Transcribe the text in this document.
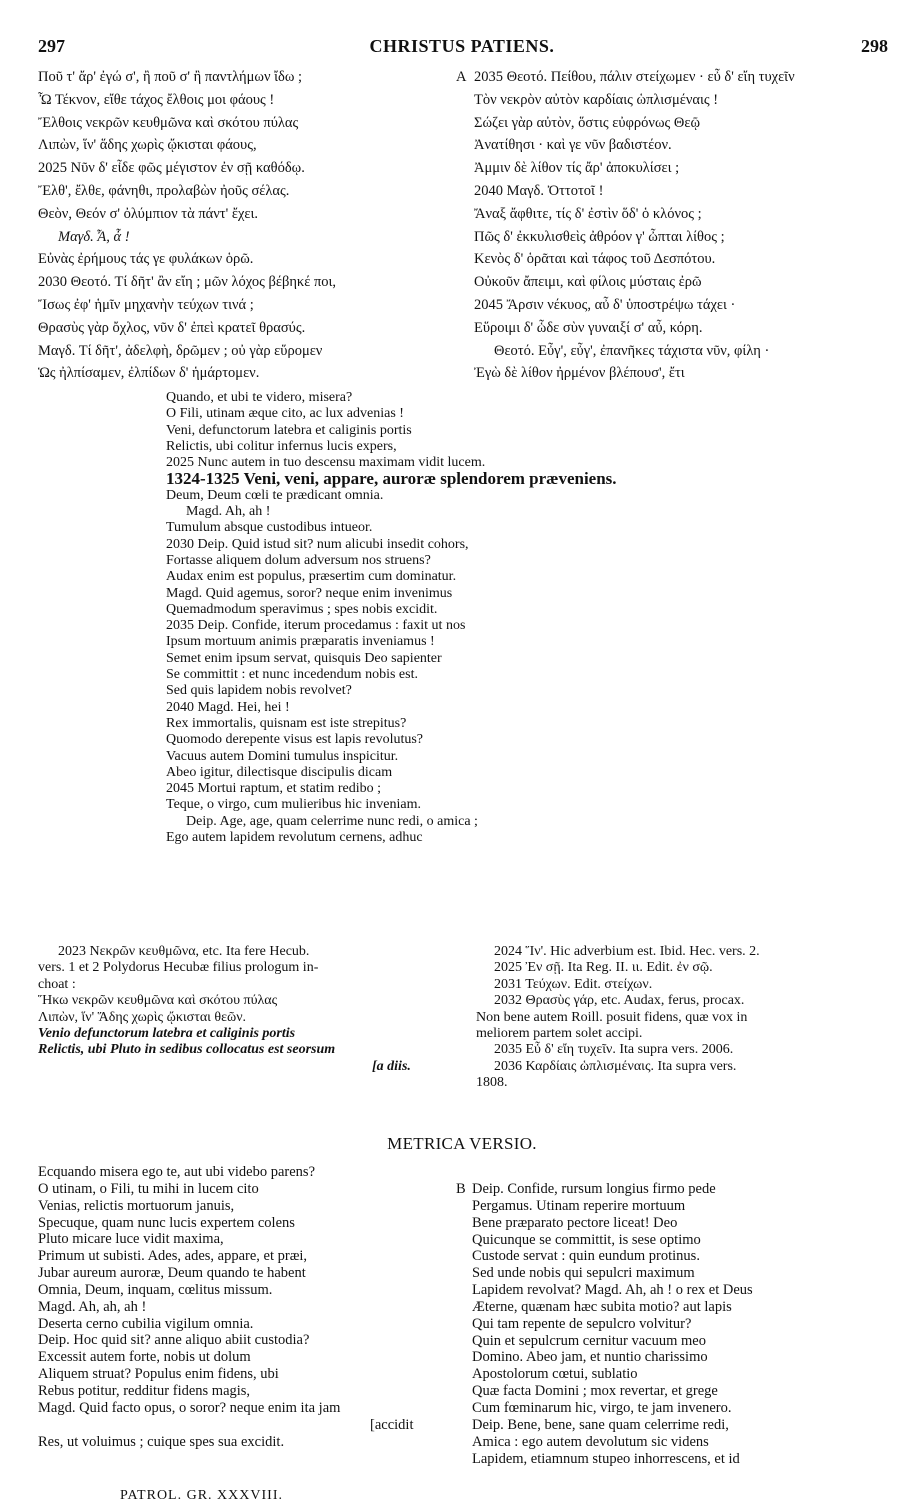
297	CHRISTUS PATIENS.	298
Ποῦ τ' ἄρ' ἐγώ σ', ἢ ποῦ σ' ἢ παντλήμων ἴδω ;
Ὦ Τέκνον, εἴθε τάχος ἔλθοις μοι φάους !
Ἔλθοις νεκρῶν κευθμῶνα καὶ σκότου πύλας
Λιπὼν, ἵν' ἅδης χωρὶς ᾤκισται φάους,
2025 Νῦν δ' εἶδε φῶς μέγιστον ἐν σῇ καθόδῳ.
Ἔλθ', ἔλθε, φάνηθι, προλαβὼν ἠοῦς σέλας.
Θεὸν, Θεόν σ' ὀλύμπιον τὰ πάντ' ἔχει.
Μαγδ. Ἆ, ἆ !
Εὐνὰς ἐρήμους τάς γε φυλάκων ὁρῶ.
2030 Θεοτό. Τί δῆτ' ἂν εἴη ; μῶν λόχος βέβηκέ ποι,
Ἴσως ἐφ' ἡμῖν μηχανὴν τεύχων τινά ;
Θρασὺς γὰρ ὄχλος, νῦν δ' ἐπεὶ κρατεῖ θρασύς.
Μαγδ. Τί δῆτ', ἀδελφὴ, δρῶμεν ; οὐ γὰρ εὕρομεν
Ὡς ἠλπίσαμεν, ἐλπίδων δ' ἡμάρτομεν.
A 2035 Θεοτό. Πείθου, πάλιν στείχωμεν · εὖ δ' εἴη τυχεῖν
Τὸν νεκρὸν αὐτὸν καρδίαις ὡπλισμέναις !
Σώζει γὰρ αὐτὸν, ὅστις εὐφρόνως Θεῷ
Ἀνατίθησι · καὶ γε νῦν βαδιστέον.
Ἀμμιν δὲ λίθον τίς ἄρ' ἀποκυλίσει ;
2040 Μαγδ. Ὀττοτοῖ !
Ἄναξ ἄφθιτε, τίς δ' ἐστὶν ὅδ' ὁ κλόνος ;
Πῶς δ' ἐκκυλισθεὶς ἀθρόον γ' ὦπται λίθος ;
Κενὸς δ' ὁρᾶται καὶ τάφος τοῦ Δεσπότου.
Οὐκοῦν ἄπειμι, καὶ φίλοις μύσταις ἐρῶ
2045 Ἄρσιν νέκυος, αὖ δ' ὑποστρέψω τάχει ·
Εὕροιμι δ' ὧδε σὺν γυναιξί σ' αὖ, κόρη.
Θεοτό. Εὖγ', εὖγ', ἐπανῆκες τάχιστα νῦν, φίλη ·
Ἐγὼ δὲ λίθον ἠρμένον βλέπουσ', ἔτι
Quando, et ubi te videro, misera?
O Fili, utinam æque cito, ac lux advenias !
Veni, defunctorum latebra et caliginis portis
Relictis, ubi colitur infernus lucis expers,
2025 Nunc autem in tuo descensu maximam vidit lucem.
1324-1325 Veni, veni, appare, auroræ splendorem præveniens.
Deum, Deum cœli te prædicant omnia.
Magd. Ah, ah !
Tumulum absque custodibus intueor.
2030 Deip. Quid istud sit? num alicubi insedit cohors,
Fortasse aliquem dolum adversum nos struens?
Audax enim est populus, præsertim cum dominatur.
Magd. Quid agemus, soror? neque enim invenimus
Quemadmodum speravimus ; spes nobis excidit.
2035 Deip. Confide, iterum procedamus : faxit ut nos
Ipsum mortuum animis præparatis inveniamus !
Semet enim ipsum servat, quisquis Deo sapienter
Se committit : et nunc incedendum nobis est.
Sed quis lapidem nobis revolvet?
2040 Magd. Hei, hei !
Rex immortalis, quisnam est iste strepitus?
Quomodo derepente visus est lapis revolutus?
Vacuus autem Domini tumulus inspicitur.
Abeo igitur, dilectisque discipulis dicam
2045 Mortui raptum, et statim redibo ;
Teque, o virgo, cum mulieribus hic inveniam.
Deip. Age, age, quam celerrime nunc redi, o amica ;
Ego autem lapidem revolutum cernens, adhuc
2023 Νεκρῶν κευθμῶνα, etc. Ita fere Hecub.
vers. 1 et 2 Polydorus Hecubæ filius prologum in-
choat :
Ἥκω νεκρῶν κευθμῶνα καὶ σκότου πύλας
Λιπὼν, ἵν' Ἅδης χωρὶς ᾤκισται θεῶν.
Venio defunctorum latebra et caliginis portis
Relictis, ubi Pluto in sedibus collocatus est seorsum
[a diis.
2024 Ἵν'. Hic adverbium est. Ibid. Hec. vers. 2.
2025 Ἐν σῇ. Ita Reg. II. ιι. Edit. ἐν σῷ.
2031 Τεύχων. Edit. στείχων.
2032 Θρασὺς γάρ, etc. Audax, ferus, procax.
Non bene autem Roill. posuit fidens, quæ vox in
meliorem partem solet accipi.
2035 Εὖ δ' εἴη τυχεῖν. Ita supra vers. 2006.
2036 Καρδίαις ὡπλισμέναις. Ita supra vers.
1808.
METRICA VERSIO.
Ecquando misera ego te, aut ubi videbo parens?
O utinam, o Fili, tu mihi in lucem cito
Venias, relictis mortuorum januis,
Specuque, quam nunc lucis expertem colens
Pluto micare luce vidit maxima,
Primum ut subisti. Ades, ades, appare, et præi,
Jubar aureum auroræ, Deum quando te habent
Omnia, Deum, inquam, cœlitus missum.
Magd. Ah, ah, ah !
Deserta cerno cubilia vigilum omnia.
Deip. Hoc quid sit? anne aliquo abiit custodia?
Excessit autem forte, nobis ut dolum
Aliquem struat? Populus enim fidens, ubi
Rebus potitur, redditur fidens magis,
Magd. Quid facto opus, o soror? neque enim ita jam
[accidit
Res, ut voluimus ; cuique spes sua excidit.
B Deip. Confide, rursum longius firmo pede
Pergamus. Utinam reperire mortuum
Bene præparato pectore liceat! Deo
Quicunque se committit, is sese optimo
Custode servat : quin eundum protinus.
Sed unde nobis qui sepulcri maximum
Lapidem revolvat? Magd. Ah, ah ! o rex et Deus
Æterne, quænam hæc subita motio? aut lapis
Qui tam repente de sepulcro volvitur?
Quin et sepulcrum cernitur vacuum meo
Domino. Abeo jam, et nuntio charissimo
Apostolorum cœtui, sublatio
Quæ facta Domini ; mox revertar, et grege
Cum fœminarum hic, virgo, te jam invenero.
Deip. Bene, bene, sane quam celerrime redi,
Amica : ego autem devolutum sic videns
Lapidem, etiamnum stupeo inhorrescens, et id
PATROL. GR. XXXVIII.
